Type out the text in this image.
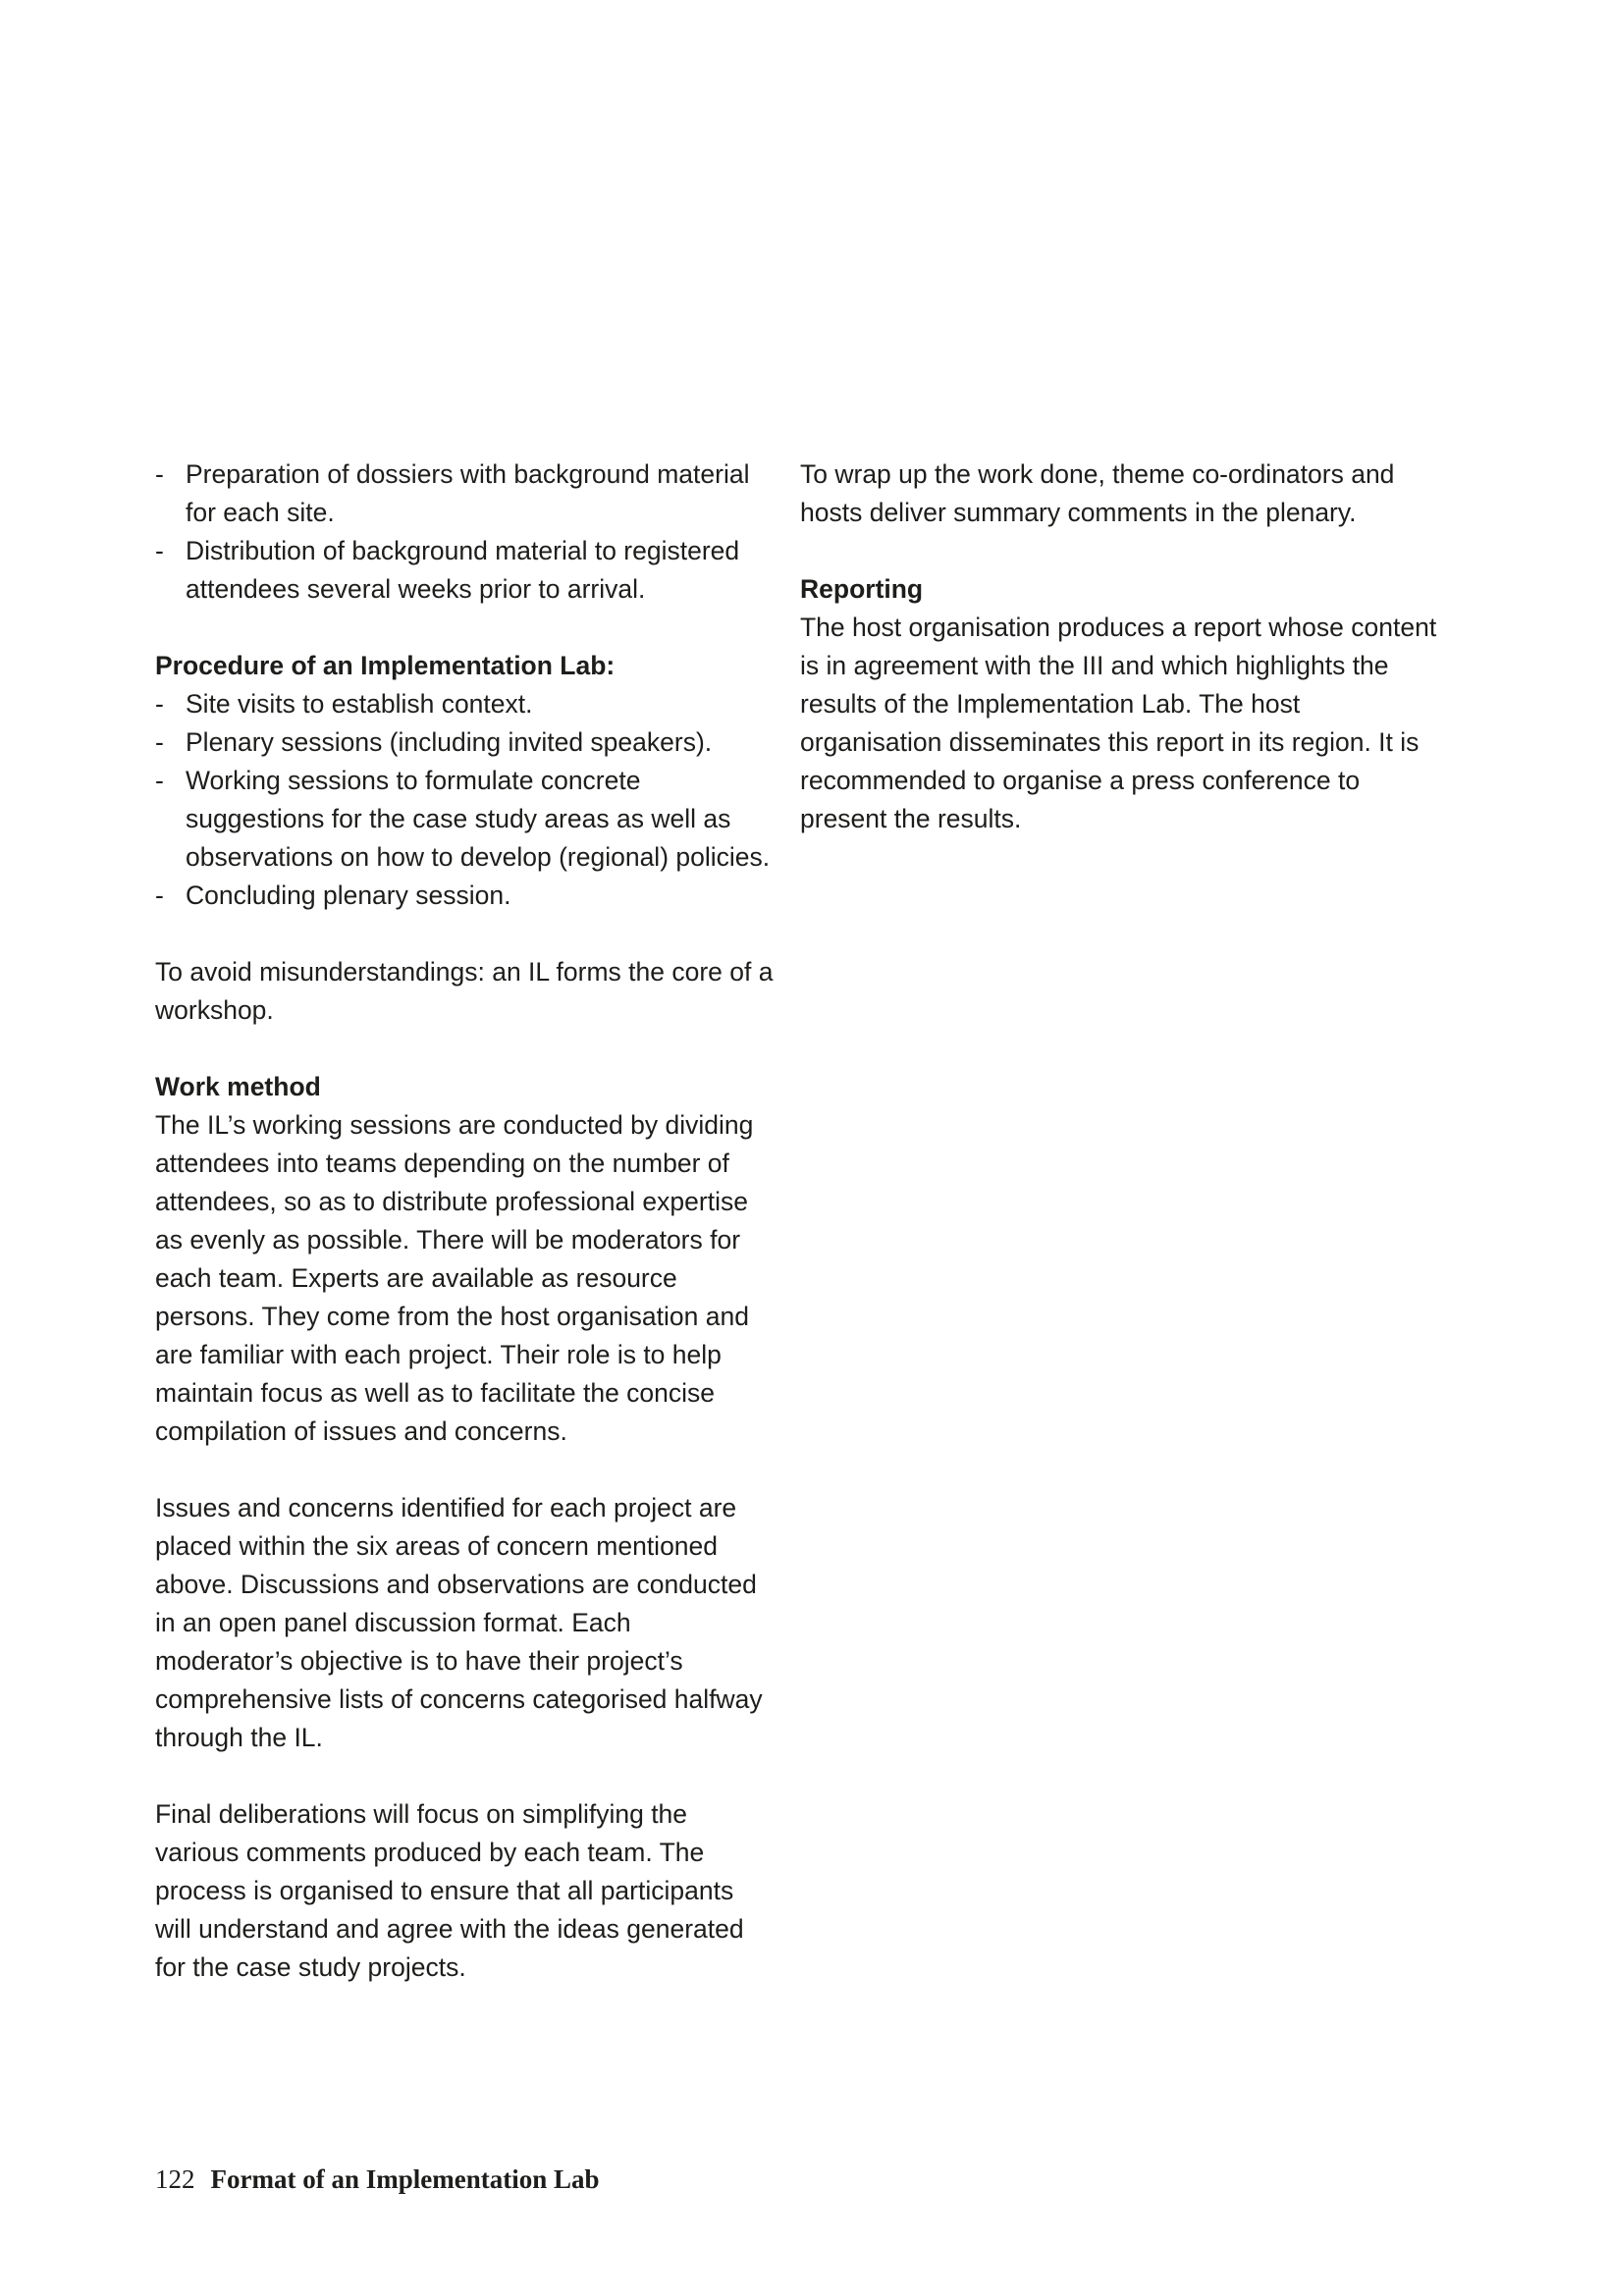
- Preparation of dossiers with background material for each site.
- Distribution of background material to registered attendees several weeks prior to arrival.

Procedure of an Implementation Lab:

- Site visits to establish context.
- Plenary sessions (including invited speakers).
- Working sessions to formulate concrete suggestions for the case study areas as well as observations on how to develop (regional) policies.
- Concluding plenary session.

To avoid misunderstandings: an IL forms the core of a workshop.

Work method

The IL’s working sessions are conducted by dividing attendees into teams depending on the number of attendees, so as to distribute professional expertise as evenly as possible. There will be moderators for each team. Experts are available as resource persons. They come from the host organisation and are familiar with each project. Their role is to help maintain focus as well as to facilitate the concise compilation of issues and concerns.

Issues and concerns identified for each project are placed within the six areas of concern mentioned above. Discussions and observations are conducted in an open panel discussion format. Each moderator’s objective is to have their project’s comprehensive lists of concerns categorised halfway through the IL.

Final deliberations will focus on simplifying the various comments produced by each team. The process is organised to ensure that all participants will understand and agree with the ideas generated for the case study projects.

To wrap up the work done, theme co-ordinators and hosts deliver summary comments in the plenary.

Reporting

The host organisation produces a report whose content is in agreement with the III and which highlights the results of the Implementation Lab. The host organisation disseminates this report in its region. It is recommended to organise a press conference to present the results.

122 Format of an Implementation Lab
